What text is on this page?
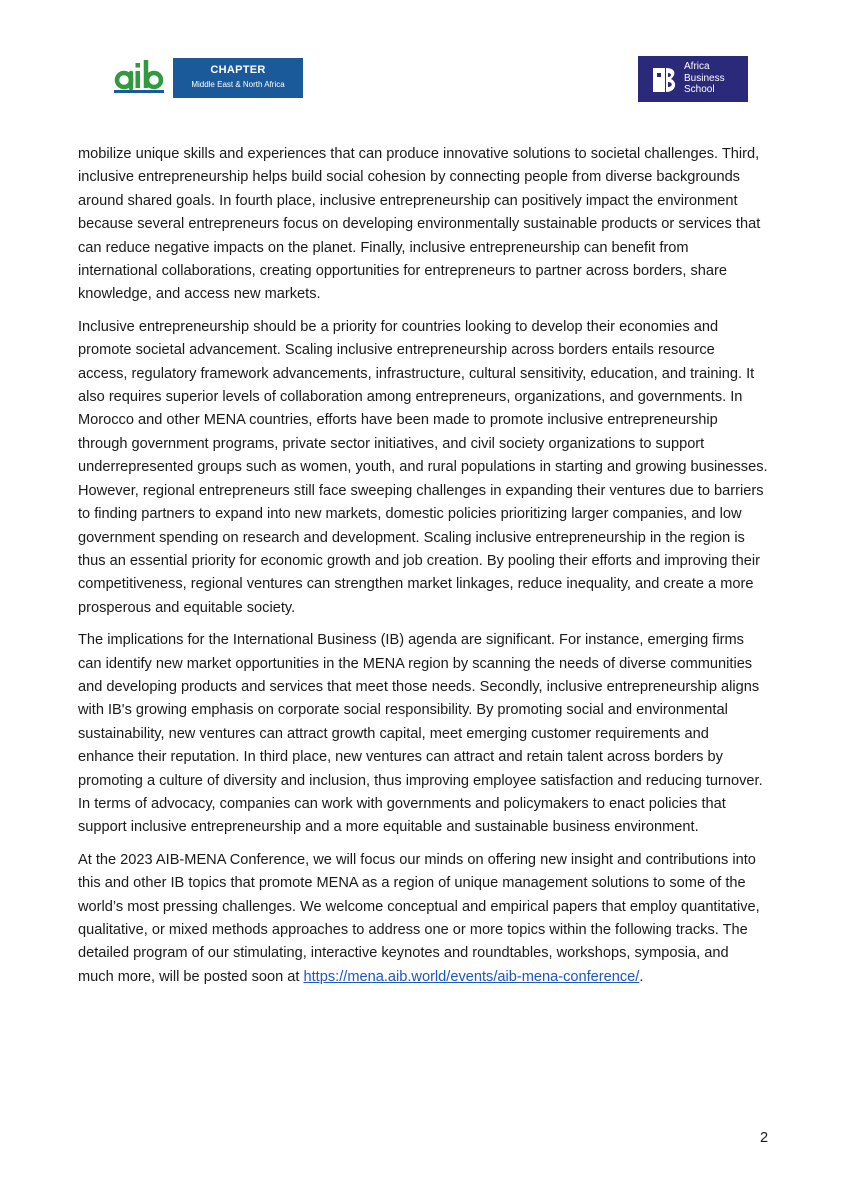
CHAPTER
Middle East & North Africa
Africa
Business
School

mobilize unique skills and experiences that can produce innovative solutions to societal challenges. Third, inclusive entrepreneurship helps build social cohesion by connecting people from diverse backgrounds around shared goals. In fourth place, inclusive entrepreneurship can positively impact the environment because several entrepreneurs focus on developing environmentally sustainable products or services that can reduce negative impacts on the planet. Finally, inclusive entrepreneurship can benefit from international collaborations, creating opportunities for entrepreneurs to partner across borders, share knowledge, and access new markets.

Inclusive entrepreneurship should be a priority for countries looking to develop their economies and promote societal advancement. Scaling inclusive entrepreneurship across borders entails resource access, regulatory framework advancements, infrastructure, cultural sensitivity, education, and training. It also requires superior levels of collaboration among entrepreneurs, organizations, and governments. In Morocco and other MENA countries, efforts have been made to promote inclusive entrepreneurship through government programs, private sector initiatives, and civil society organizations to support underrepresented groups such as women, youth, and rural populations in starting and growing businesses. However, regional entrepreneurs still face sweeping challenges in expanding their ventures due to barriers to finding partners to expand into new markets, domestic policies prioritizing larger companies, and low government spending on research and development. Scaling inclusive entrepreneurship in the region is thus an essential priority for economic growth and job creation. By pooling their efforts and improving their competitiveness, regional ventures can strengthen market linkages, reduce inequality, and create a more prosperous and equitable society.

The implications for the International Business (IB) agenda are significant. For instance, emerging firms can identify new market opportunities in the MENA region by scanning the needs of diverse communities and developing products and services that meet those needs. Secondly, inclusive entrepreneurship aligns with IB's growing emphasis on corporate social responsibility. By promoting social and environmental sustainability, new ventures can attract growth capital, meet emerging customer requirements and enhance their reputation. In third place, new ventures can attract and retain talent across borders by promoting a culture of diversity and inclusion, thus improving employee satisfaction and reducing turnover. In terms of advocacy, companies can work with governments and policymakers to enact policies that support inclusive entrepreneurship and a more equitable and sustainable business environment.

At the 2023 AIB-MENA Conference, we will focus our minds on offering new insight and contributions into this and other IB topics that promote MENA as a region of unique management solutions to some of the world’s most pressing challenges. We welcome conceptual and empirical papers that employ quantitative, qualitative, or mixed methods approaches to address one or more topics within the following tracks. The detailed program of our stimulating, interactive keynotes and roundtables, workshops, symposia, and much more, will be posted soon at https://mena.aib.world/events/aib-mena-conference/.

2
